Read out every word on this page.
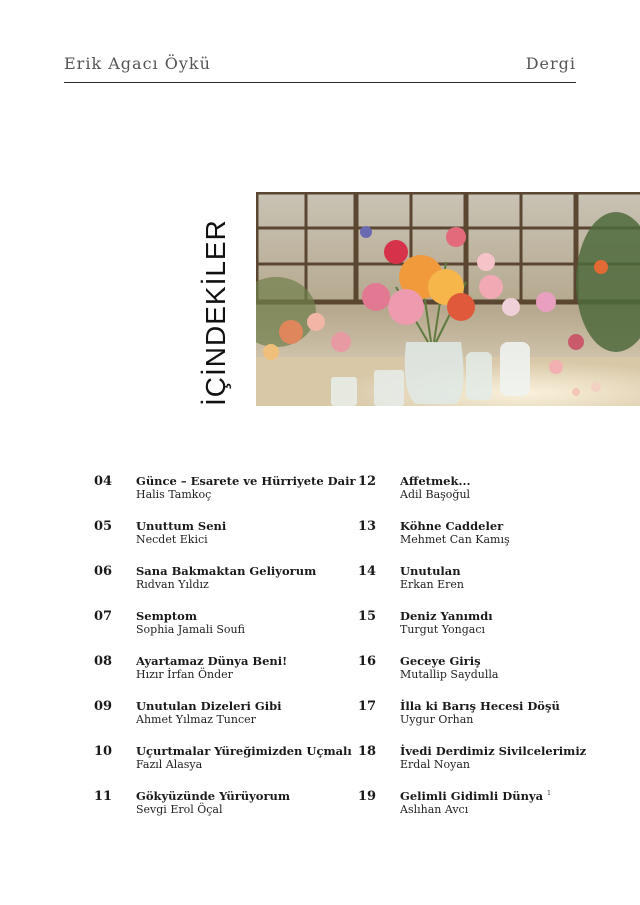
Erik Agacı Öykü	Dergi
İÇİNDEKİLER
04 Günce – Esarete ve Hürriyete Dair
Halis Tamkoç
05 Unuttum Seni
Necdet Ekici
06 Sana Bakmaktan Geliyorum
Rıdvan Yıldız
07 Semptom
Sophia Jamali Soufi
08 Ayartamaz Dünya Beni!
Hızır İrfan Önder
09 Unutulan Dizeleri Gibi
Ahmet Yılmaz Tuncer
10 Uçurtmalar Yüreğimizden Uçmalı
Fazıl Alasya
11 Gökyüzünde Yürüyorum
Sevgi Erol Öçal
12 Affetmek...
Adil Başoğul
13 Köhne Caddeler
Mehmet Can Kamış
14 Unutulan
Erkan Eren
15 Deniz Yanımdı
Turgut Yongacı
16 Geceye Giriş
Mutallip Saydulla
17 İlla ki Barış Hecesi Döşü
Uygur Orhan
18 İvedi Derdimiz Sivilcelerimiz
Erdal Noyan
19 Gelimli Gidimli Dünya $^1$
Aslıhan Avcı
